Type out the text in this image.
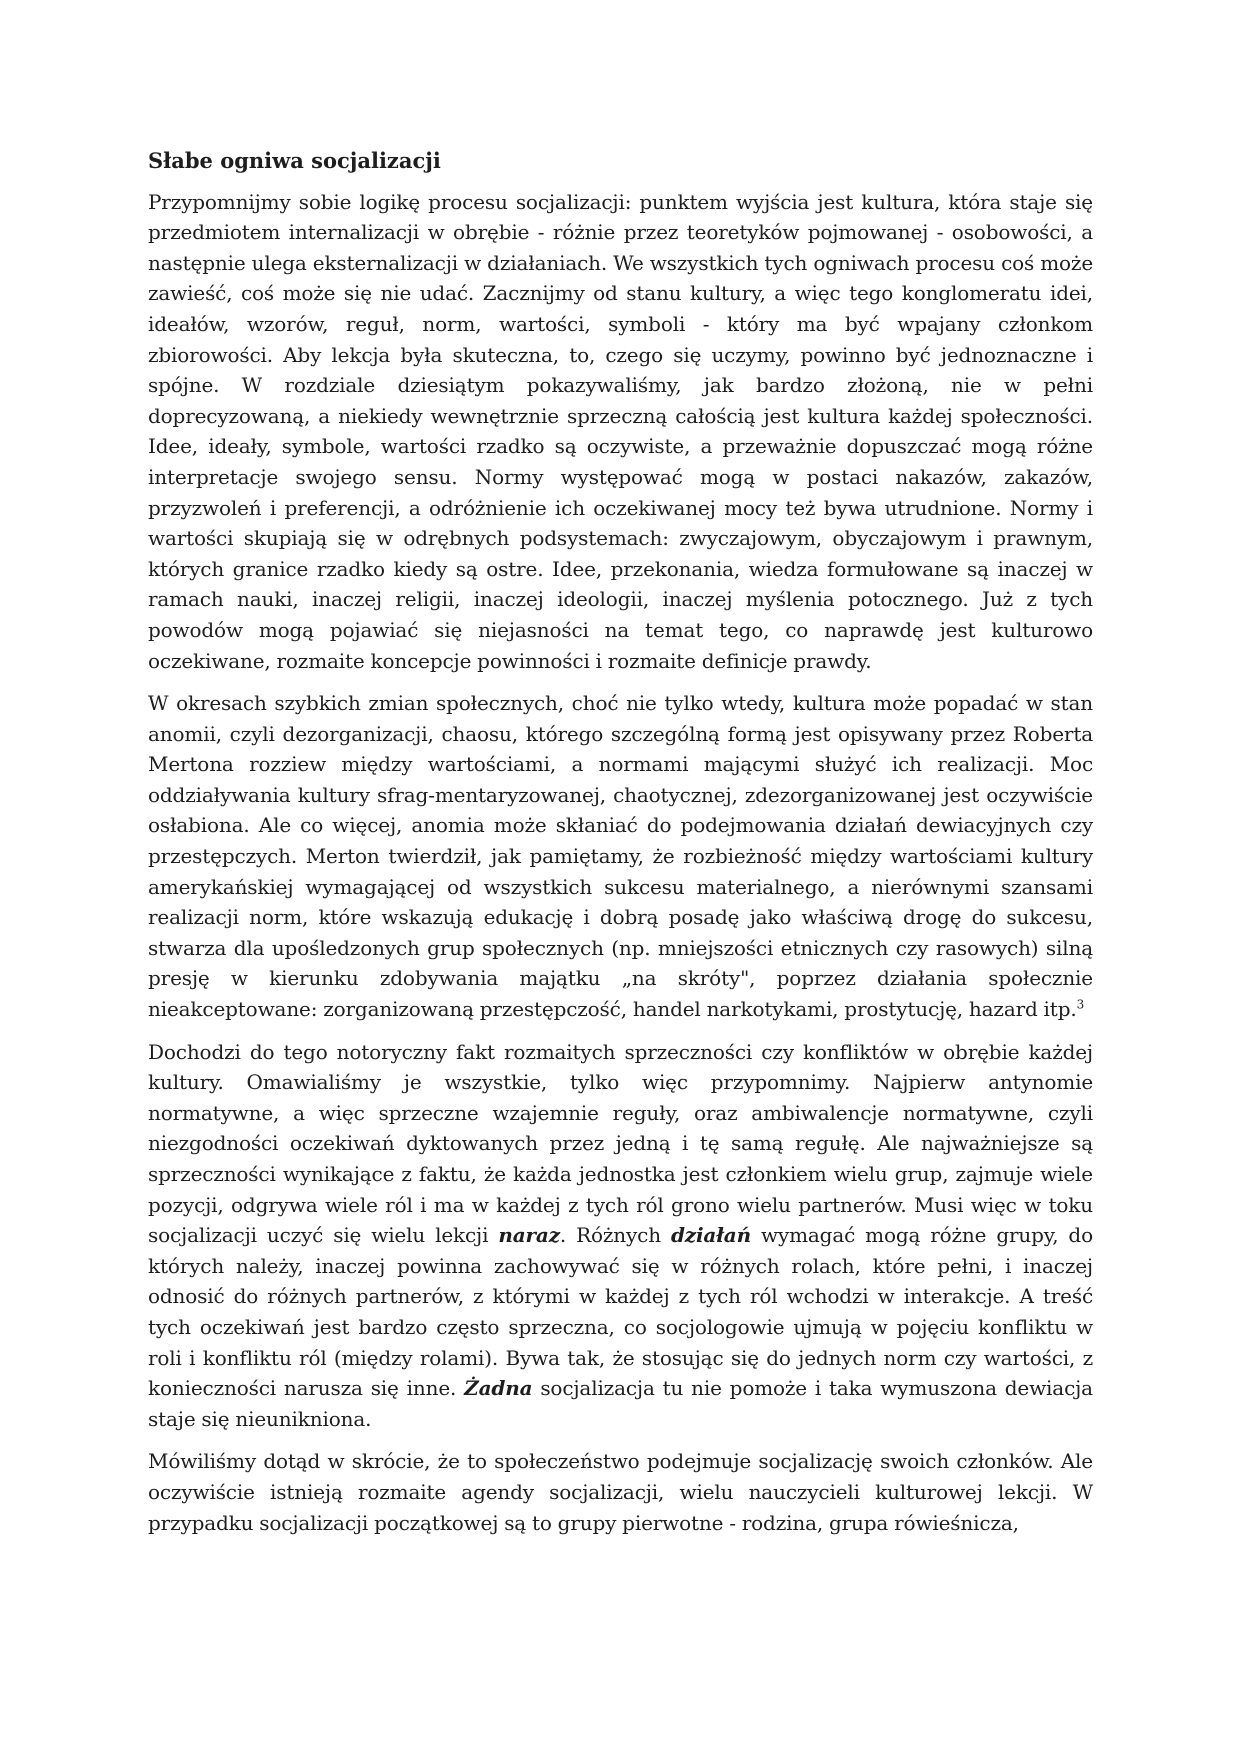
Słabe ogniwa socjalizacji

Przypomnijmy sobie logikę procesu socjalizacji: punktem wyjścia jest kultura, która staje się przedmiotem internalizacji w obrębie - różnie przez teoretyków pojmowanej - osobowości, a następnie ulega eksternalizacji w działaniach. We wszystkich tych ogniwach procesu coś może zawieść, coś może się nie udać. Zacznijmy od stanu kultury, a więc tego konglomeratu idei, ideałów, wzorów, reguł, norm, wartości, symboli - który ma być wpajany członkom zbiorowości. Aby lekcja była skuteczna, to, czego się uczymy, powinno być jednoznaczne i spójne. W rozdziale dziesiątym pokazywaliśmy, jak bardzo złożoną, nie w pełni doprecyzowaną, a niekiedy wewnętrznie sprzeczną całością jest kultura każdej społeczności. Idee, ideały, symbole, wartości rzadko są oczywiste, a przeważnie dopuszczać mogą różne interpretacje swojego sensu. Normy występować mogą w postaci nakazów, zakazów, przyzwoleń i preferencji, a odróżnienie ich oczekiwanej mocy też bywa utrudnione. Normy i wartości skupiają się w odrębnych podsystemach: zwyczajowym, obyczajowym i prawnym, których granice rzadko kiedy są ostre. Idee, przekonania, wiedza formułowane są inaczej w ramach nauki, inaczej religii, inaczej ideologii, inaczej myślenia potocznego. Już z tych powodów mogą pojawiać się niejasności na temat tego, co naprawdę jest kulturowo oczekiwane, rozmaite koncepcje powinności i rozmaite definicje prawdy.

W okresach szybkich zmian społecznych, choć nie tylko wtedy, kultura może popadać w stan anomii, czyli dezorganizacji, chaosu, którego szczególną formą jest opisywany przez Roberta Mertona rozziew między wartościami, a normami mającymi służyć ich realizacji. Moc oddziaływania kultury sfrag-mentaryzowanej, chaotycznej, zdezorganizowanej jest oczywiście osłabiona. Ale co więcej, anomia może skłaniać do podejmowania działań dewiacyjnych czy przestępczych. Merton twierdził, jak pamiętamy, że rozbieżność między wartościami kultury amerykańskiej wymagającej od wszystkich sukcesu materialnego, a nierównymi szansami realizacji norm, które wskazują edukację i dobrą posadę jako właściwą drogę do sukcesu, stwarza dla upośledzonych grup społecznych (np. mniejszości etnicznych czy rasowych) silną presję w kierunku zdobywania majątku „na skróty", poprzez działania społecznie nieakceptowane: zorganizowaną przestępczość, handel narkotykami, prostytucję, hazard itp.$^3$

Dochodzi do tego notoryczny fakt rozmaitych sprzeczności czy konfliktów w obrębie każdej kultury. Omawialiśmy je wszystkie, tylko więc przypomnimy. Najpierw antynomie normatywne, a więc sprzeczne wzajemnie reguły, oraz ambiwalencje normatywne, czyli niezgodności oczekiwań dyktowanych przez jedną i tę samą regułę. Ale najważniejsze są sprzeczności wynikające z faktu, że każda jednostka jest członkiem wielu grup, zajmuje wiele pozycji, odgrywa wiele ról i ma w każdej z tych ról grono wielu partnerów. Musi więc w toku socjalizacji uczyć się wielu lekcji naraz. Różnych działań wymagać mogą różne grupy, do których należy, inaczej powinna zachowywać się w różnych rolach, które pełni, i inaczej odnosić do różnych partnerów, z którymi w każdej z tych ról wchodzi w interakcje. A treść tych oczekiwań jest bardzo często sprzeczna, co socjologowie ujmują w pojęciu konfliktu w roli i konfliktu ról (między rolami). Bywa tak, że stosując się do jednych norm czy wartości, z konieczności narusza się inne. Żadna socjalizacja tu nie pomoże i taka wymuszona dewiacja staje się nieunikniona.

Mówiliśmy dotąd w skrócie, że to społeczeństwo podejmuje socjalizację swoich członków. Ale oczywiście istnieją rozmaite agendy socjalizacji, wielu nauczycieli kulturowej lekcji. W przypadku socjalizacji początkowej są to grupy pierwotne - rodzina, grupa rówieśnicza,
